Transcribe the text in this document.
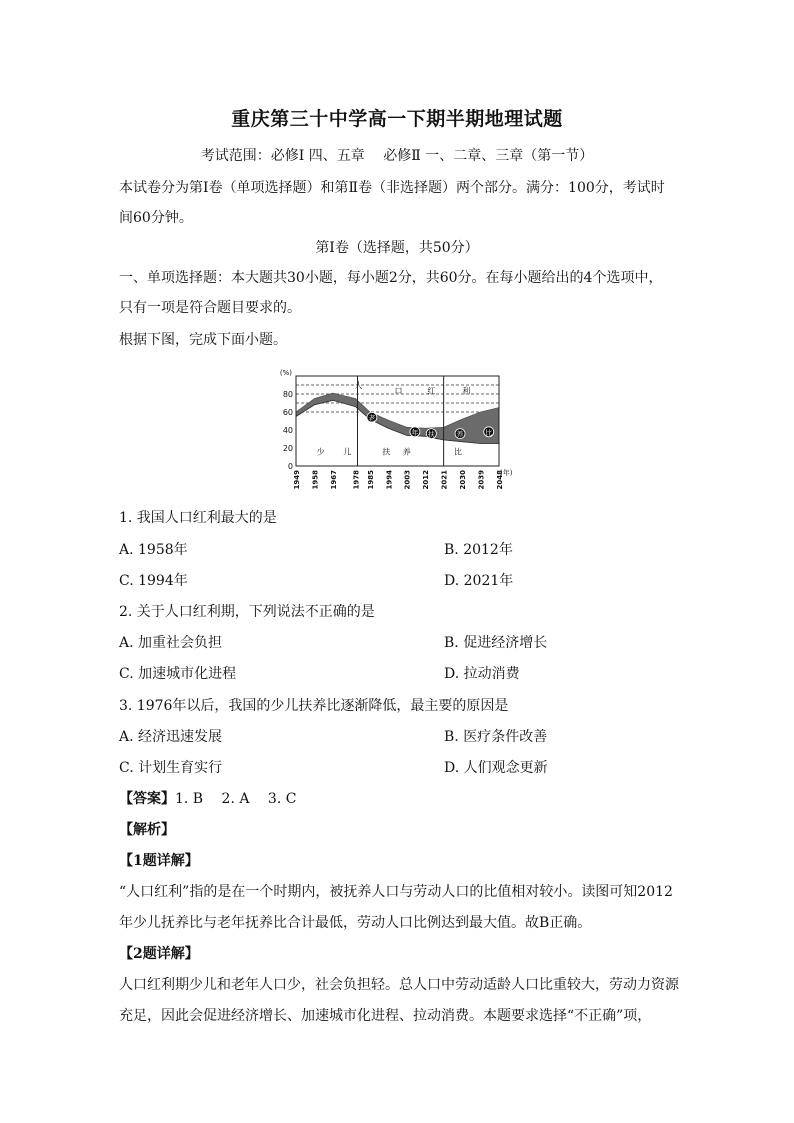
重庆第三十中学高一下期半期地理试题
考试范围：必修Ⅰ 四、五章　 必修Ⅱ 一、二章、三章（第一节）
本试卷分为第Ⅰ卷（单项选择题）和第Ⅱ卷（非选择题）两个部分。满分：100分，考试时
间60分钟。
第Ⅰ卷（选择题，共50分）
一、单项选择题：本大题共30小题，每小题2分，共60分。在每小题给出的4个选项中，
只有一项是符合题目要求的。
根据下图，完成下面小题。
0
20
40
60
80
(%)
1949 1958 1967 1978 1985 1994 2003 2012 2021 2030 2039 2048
(年)
人
口	红	利
少 儿	扶 养	比
老
年 扶	养	比
1. 我国人口红利最大的是
A. 1958年	B. 2012年
C. 1994年	D. 2021年
2. 关于人口红利期，下列说法不正确的是
A. 加重社会负担	B. 促进经济增长
C. 加速城市化进程	D. 拉动消费
3. 1976年以后，我国的少儿扶养比逐渐降低，最主要的原因是
A. 经济迅速发展	B. 医疗条件改善
C. 计划生育实行	D. 人们观念更新
【答案】1. B　 2. A　 3. C
【解析】
【1题详解】
“人口红利”指的是在一个时期内，被抚养人口与劳动人口的比值相对较小。读图可知2012
年少儿抚养比与老年抚养比合计最低，劳动人口比例达到最大值。故B正确。
【2题详解】
人口红利期少儿和老年人口少，社会负担轻。总人口中劳动适龄人口比重较大，劳动力资源
充足，因此会促进经济增长、加速城市化进程、拉动消费。本题要求选择“不正确”项，
